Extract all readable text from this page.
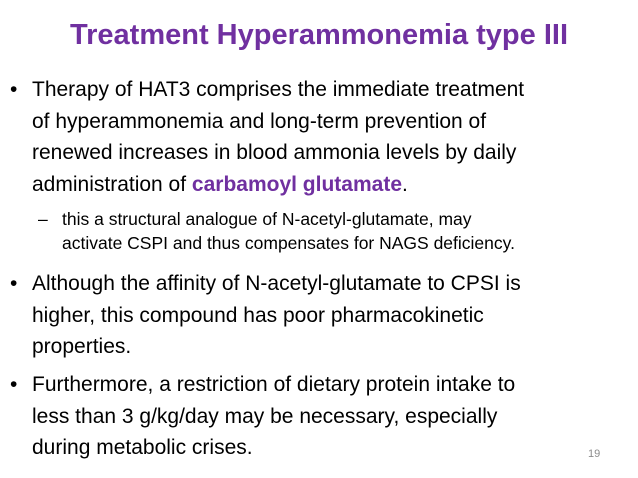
Treatment Hyperammonemia type III
• Therapy of HAT3 comprises the immediate treatment
of hyperammonemia and long-term prevention of
renewed increases in blood ammonia levels by daily
administration of carbamoyl glutamate.
– this a structural analogue of N-acetyl-glutamate, may
activate CSPI and thus compensates for NAGS deficiency.
• Although the affinity of N-acetyl-glutamate to CPSI is
higher, this compound has poor pharmacokinetic
properties.
• Furthermore, a restriction of dietary protein intake to
less than 3 g/kg/day may be necessary, especially
during metabolic crises.	19
